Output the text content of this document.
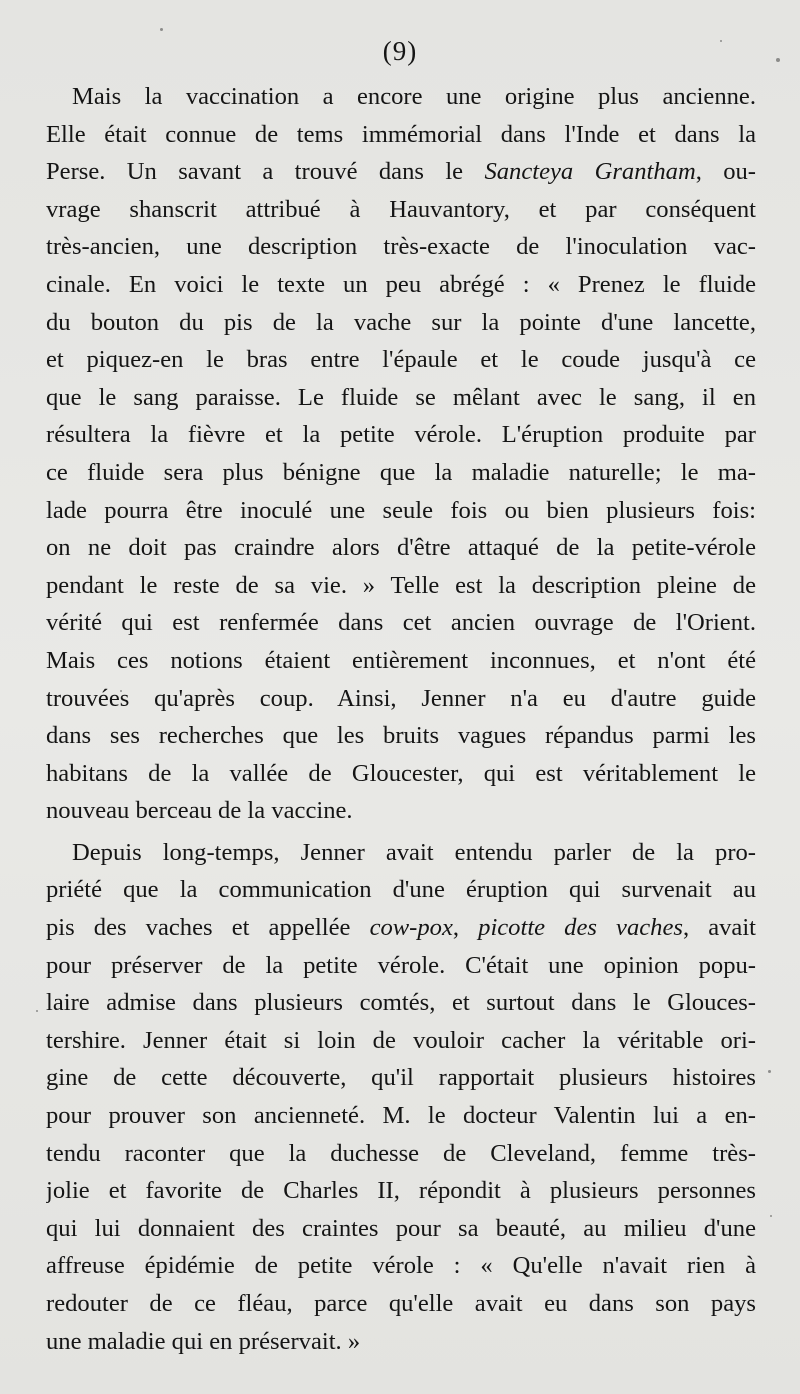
(9)
Mais la vaccination a encore une origine plus ancienne.
Elle était connue de tems immémorial dans l'Inde et dans la
Perse. Un savant a trouvé dans le Sancteya Grantham, ou-
vrage shanscrit attribué à Hauvantory, et par conséquent
très-ancien, une description très-exacte de l'inoculation vac-
cinale. En voici le texte un peu abrégé : « Prenez le fluide
du bouton du pis de la vache sur la pointe d'une lancette,
et piquez-en le bras entre l'épaule et le coude jusqu'à ce
que le sang paraisse. Le fluide se mêlant avec le sang, il en
résultera la fièvre et la petite vérole. L'éruption produite par
ce fluide sera plus bénigne que la maladie naturelle; le ma-
lade pourra être inoculé une seule fois ou bien plusieurs fois:
on ne doit pas craindre alors d'être attaqué de la petite-vérole
pendant le reste de sa vie. » Telle est la description pleine de
vérité qui est renfermée dans cet ancien ouvrage de l'Orient.
Mais ces notions étaient entièrement inconnues, et n'ont été
trouvées qu'après coup. Ainsi, Jenner n'a eu d'autre guide
dans ses recherches que les bruits vagues répandus parmi les
habitans de la vallée de Gloucester, qui est véritablement le
nouveau berceau de la vaccine.
Depuis long-temps, Jenner avait entendu parler de la pro-
priété que la communication d'une éruption qui survenait au
pis des vaches et appellée cow-pox, picotte des vaches, avait
pour préserver de la petite vérole. C'était une opinion popu-
laire admise dans plusieurs comtés, et surtout dans le Glouces-
tershire. Jenner était si loin de vouloir cacher la véritable ori-
gine de cette découverte, qu'il rapportait plusieurs histoires
pour prouver son ancienneté. M. le docteur Valentin lui a en-
tendu raconter que la duchesse de Cleveland, femme très-
jolie et favorite de Charles II, répondit à plusieurs personnes
qui lui donnaient des craintes pour sa beauté, au milieu d'une
affreuse épidémie de petite vérole : « Qu'elle n'avait rien à
redouter de ce fléau, parce qu'elle avait eu dans son pays
une maladie qui en préservait. »
